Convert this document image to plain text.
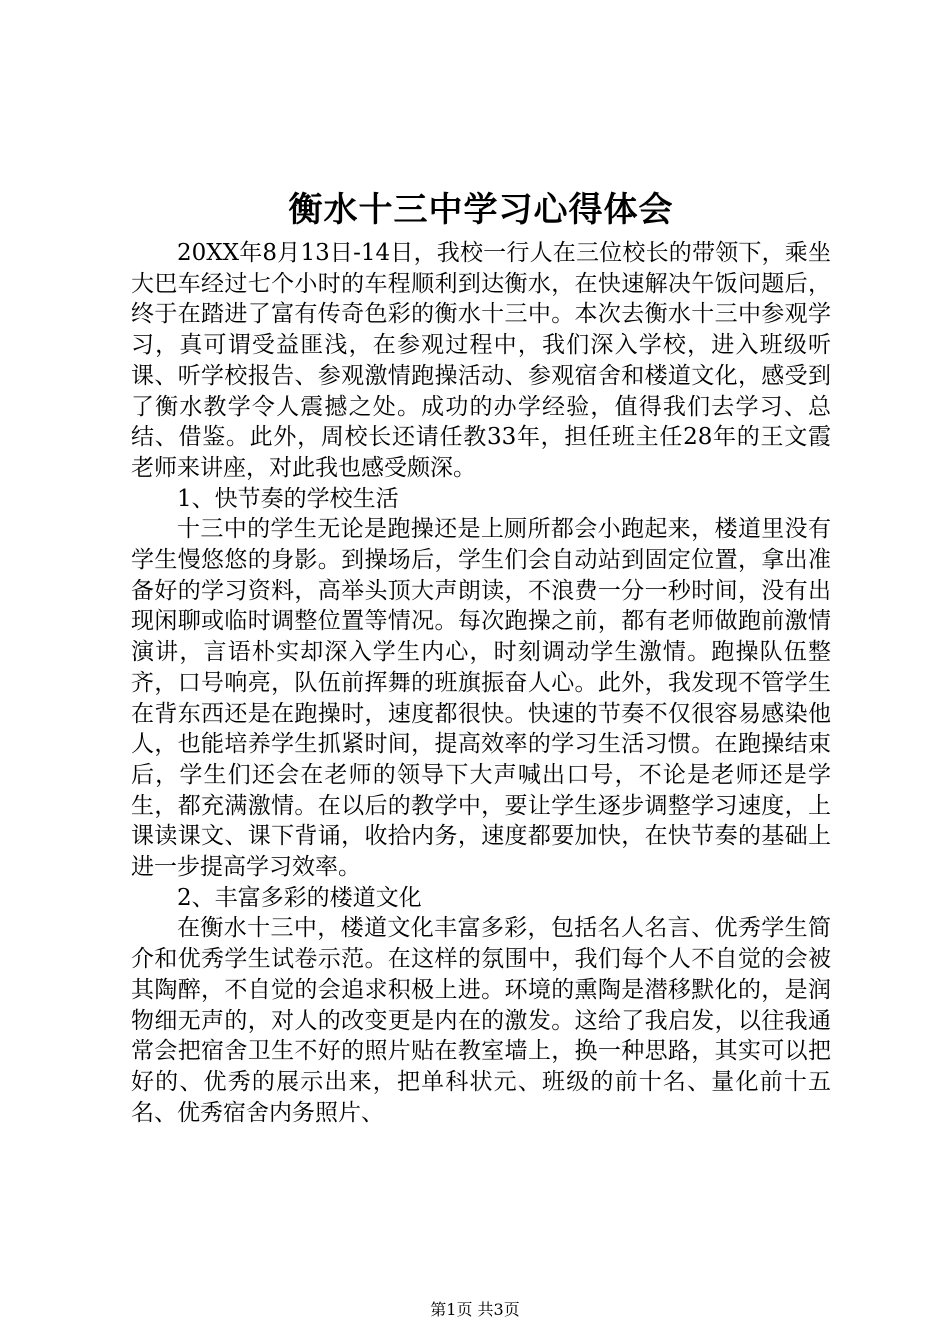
衡水十三中学习心得体会

20XX年8月13日-14日，我校一行人在三位校长的带领下，乘坐大巴车经过七个小时的车程顺利到达衡水，在快速解决午饭问题后，终于在踏进了富有传奇色彩的衡水十三中。本次去衡水十三中参观学习，真可谓受益匪浅，在参观过程中，我们深入学校，进入班级听课、听学校报告、参观激情跑操活动、参观宿舍和楼道文化，感受到了衡水教学令人震撼之处。成功的办学经验，值得我们去学习、总结、借鉴。此外，周校长还请任教33年，担任班主任28年的王文霞老师来讲座，对此我也感受颇深。

1、快节奏的学校生活

十三中的学生无论是跑操还是上厕所都会小跑起来，楼道里没有学生慢悠悠的身影。到操场后，学生们会自动站到固定位置，拿出准备好的学习资料，高举头顶大声朗读，不浪费一分一秒时间，没有出现闲聊或临时调整位置等情况。每次跑操之前，都有老师做跑前激情演讲，言语朴实却深入学生内心，时刻调动学生激情。跑操队伍整齐，口号响亮，队伍前挥舞的班旗振奋人心。此外，我发现不管学生在背东西还是在跑操时，速度都很快。快速的节奏不仅很容易感染他人，也能培养学生抓紧时间，提高效率的学习生活习惯。在跑操结束后，学生们还会在老师的领导下大声喊出口号，不论是老师还是学生，都充满激情。在以后的教学中，要让学生逐步调整学习速度，上课读课文、课下背诵，收拾内务，速度都要加快，在快节奏的基础上进一步提高学习效率。

2、丰富多彩的楼道文化

在衡水十三中，楼道文化丰富多彩，包括名人名言、优秀学生简介和优秀学生试卷示范。在这样的氛围中，我们每个人不自觉的会被其陶醉，不自觉的会追求积极上进。环境的熏陶是潜移默化的，是润物细无声的，对人的改变更是内在的激发。这给了我启发，以往我通常会把宿舍卫生不好的照片贴在教室墙上，换一种思路，其实可以把好的、优秀的展示出来，把单科状元、班级的前十名、量化前十五名、优秀宿舍内务照片、

第1页 共3页
